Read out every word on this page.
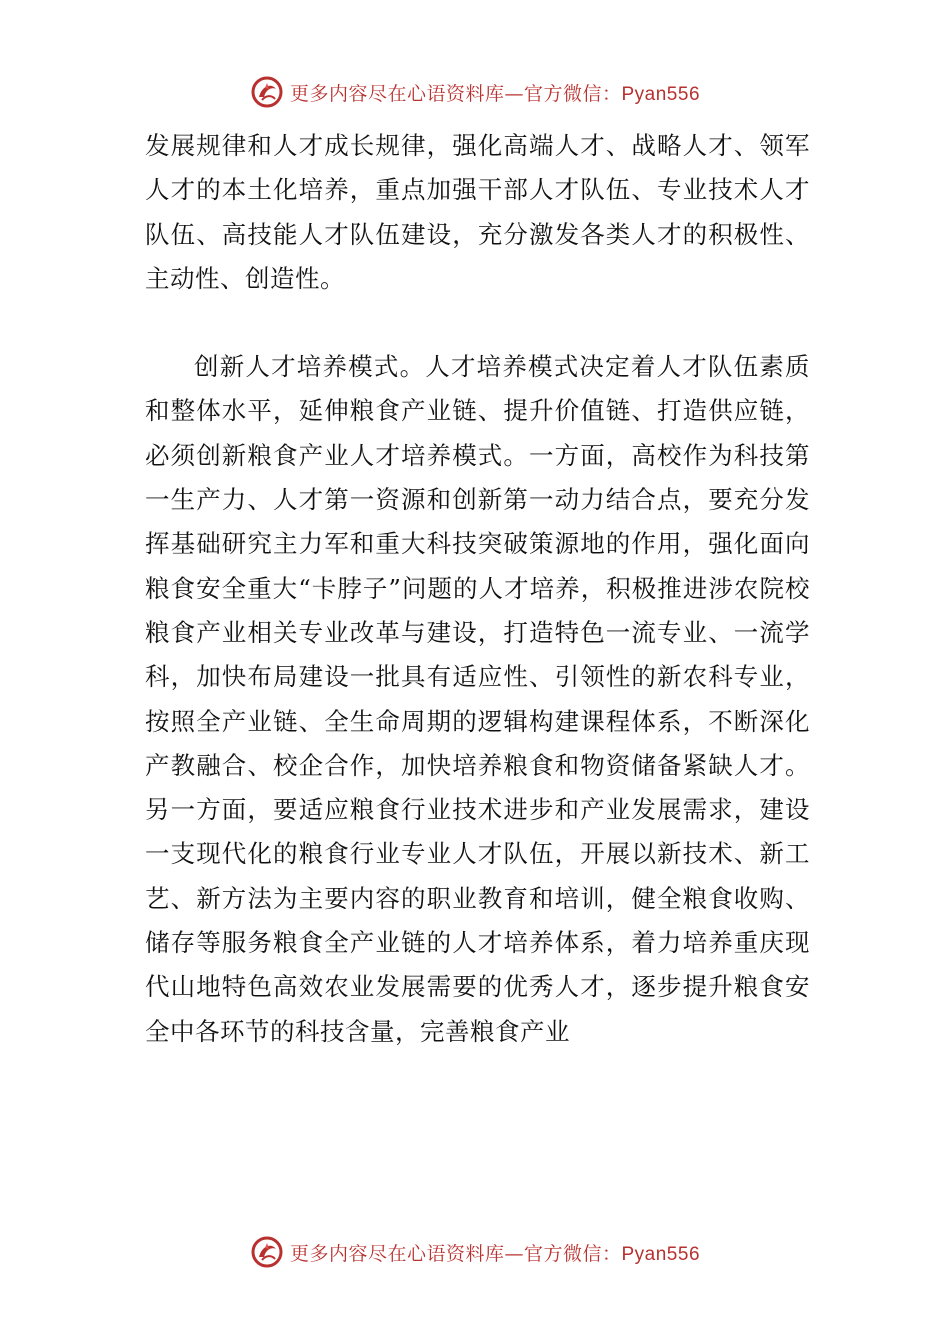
更多内容尽在心语资料库—官方微信：Pyan556

发展规律和人才成长规律，强化高端人才、战略人才、领军人才的本土化培养，重点加强干部人才队伍、专业技术人才队伍、高技能人才队伍建设，充分激发各类人才的积极性、主动性、创造性。

创新人才培养模式。人才培养模式决定着人才队伍素质和整体水平，延伸粮食产业链、提升价值链、打造供应链，必须创新粮食产业人才培养模式。一方面，高校作为科技第一生产力、人才第一资源和创新第一动力结合点，要充分发挥基础研究主力军和重大科技突破策源地的作用，强化面向粮食安全重大“卡脖子”问题的人才培养，积极推进涉农院校粮食产业相关专业改革与建设，打造特色一流专业、一流学科，加快布局建设一批具有适应性、引领性的新农科专业，按照全产业链、全生命周期的逻辑构建课程体系，不断深化产教融合、校企合作，加快培养粮食和物资储备紧缺人才。另一方面，要适应粮食行业技术进步和产业发展需求，建设一支现代化的粮食行业专业人才队伍，开展以新技术、新工艺、新方法为主要内容的职业教育和培训，健全粮食收购、储存等服务粮食全产业链的人才培养体系，着力培养重庆现代山地特色高效农业发展需要的优秀人才，逐步提升粮食安全中各环节的科技含量，完善粮食产业

更多内容尽在心语资料库—官方微信：Pyan556
